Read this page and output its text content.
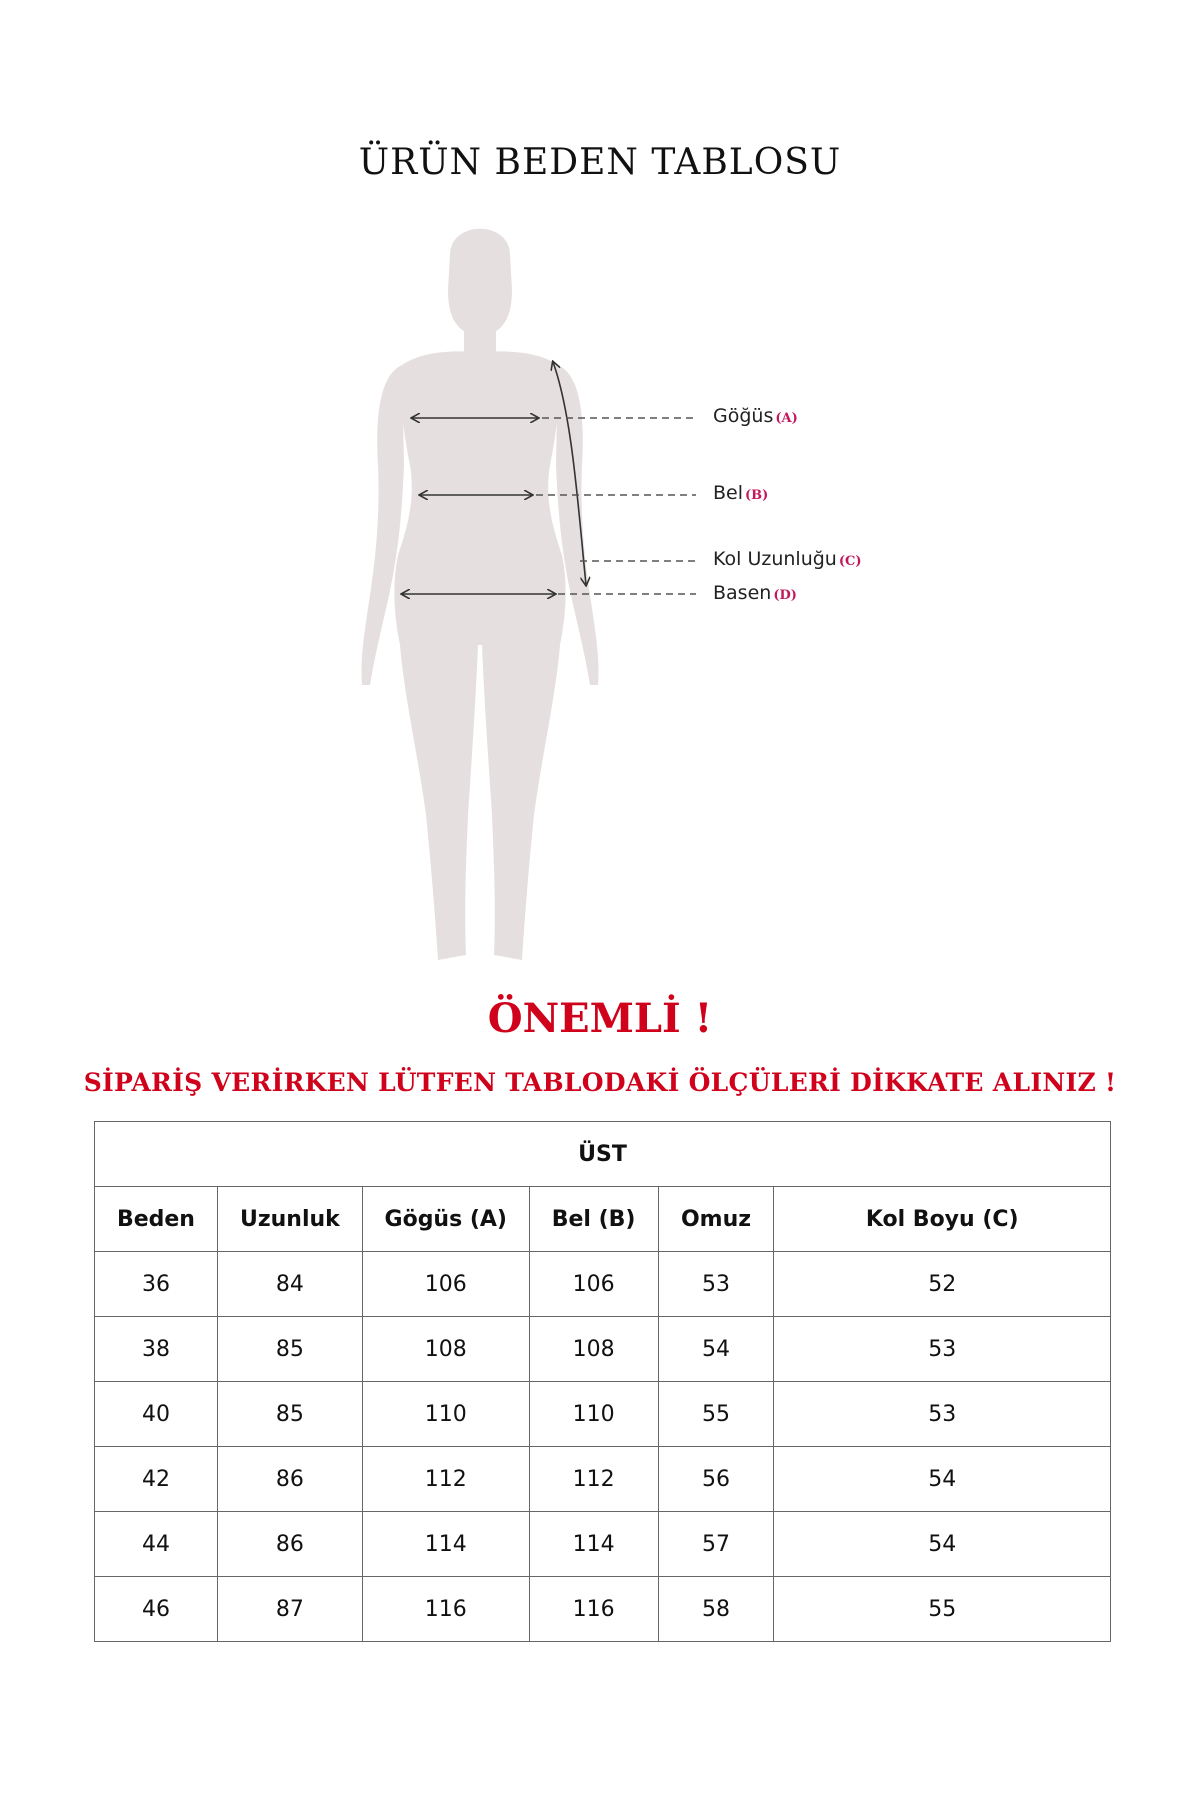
ÜRÜN BEDEN TABLOSU
Göğüs (A)
Bel (B)
Kol Uzunluğu (C)
Basen (D)
ÖNEMLİ !
SİPARİŞ VERİRKEN LÜTFEN TABLODAKİ ÖLÇÜLERİ DİKKATE ALINIZ !
ÜST					
Beden	Uzunluk	Gögüs (A)	Bel (B)	Omuz	Kol Boyu (C)
36	84	106	106	53	52
38	85	108	108	54	53
40	85	110	110	55	53
42	86	112	112	56	54
44	86	114	114	57	54
46	87	116	116	58	55
